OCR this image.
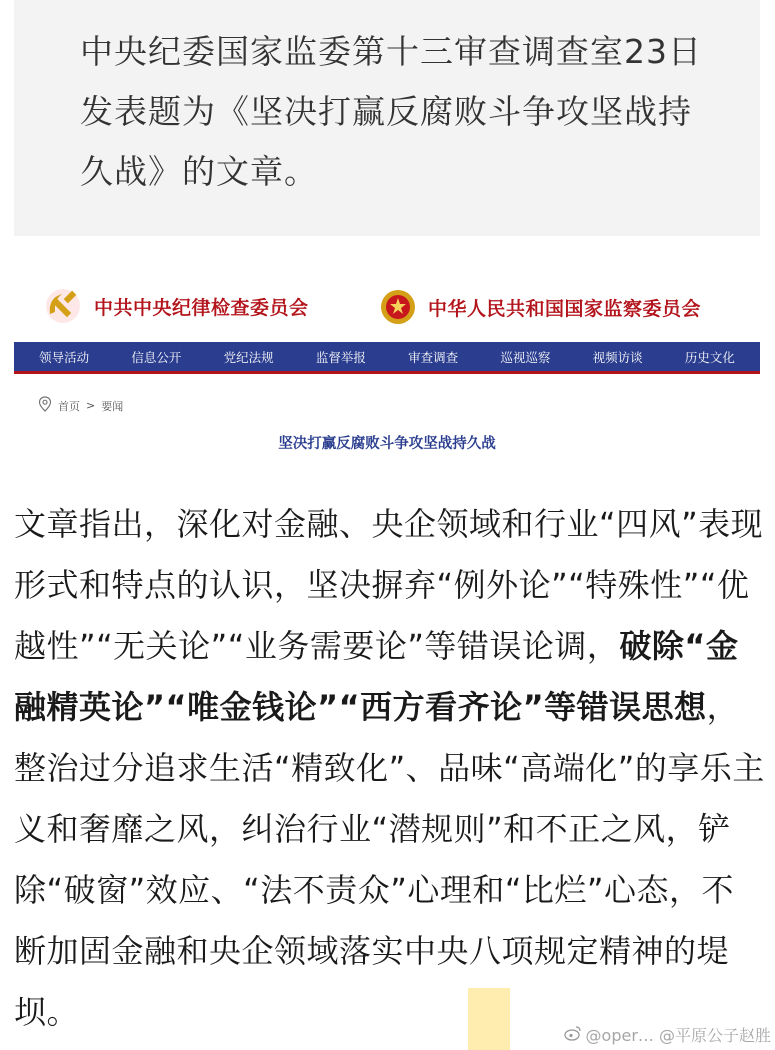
中央纪委国家监委第十三审查调查室23日发表题为《坚决打赢反腐败斗争攻坚战持久战》的文章。

中共中央纪律检查委员会	中华人民共和国国家监察委员会
领导活动	信息公开	党纪法规	监督举报	审查调查	巡视巡察	视频访谈	历史文化
首页 > 要闻
坚决打赢反腐败斗争攻坚战持久战

文章指出，深化对金融、央企领域和行业“四风”表现形式和特点的认识，坚决摒弃“例外论”“特殊性”“优越性”“无关论”“业务需要论”等错误论调，破除“金融精英论”“唯金钱论”“西方看齐论”等错误思想，整治过分追求生活“精致化”、品味“高端化”的享乐主义和奢靡之风，纠治行业“潜规则”和不正之风，铲除“破窗”效应、“法不责众”心理和“比烂”心态，不断加固金融和央企领域落实中央八项规定精神的堤坝。

@oper… @平原公子赵胜
